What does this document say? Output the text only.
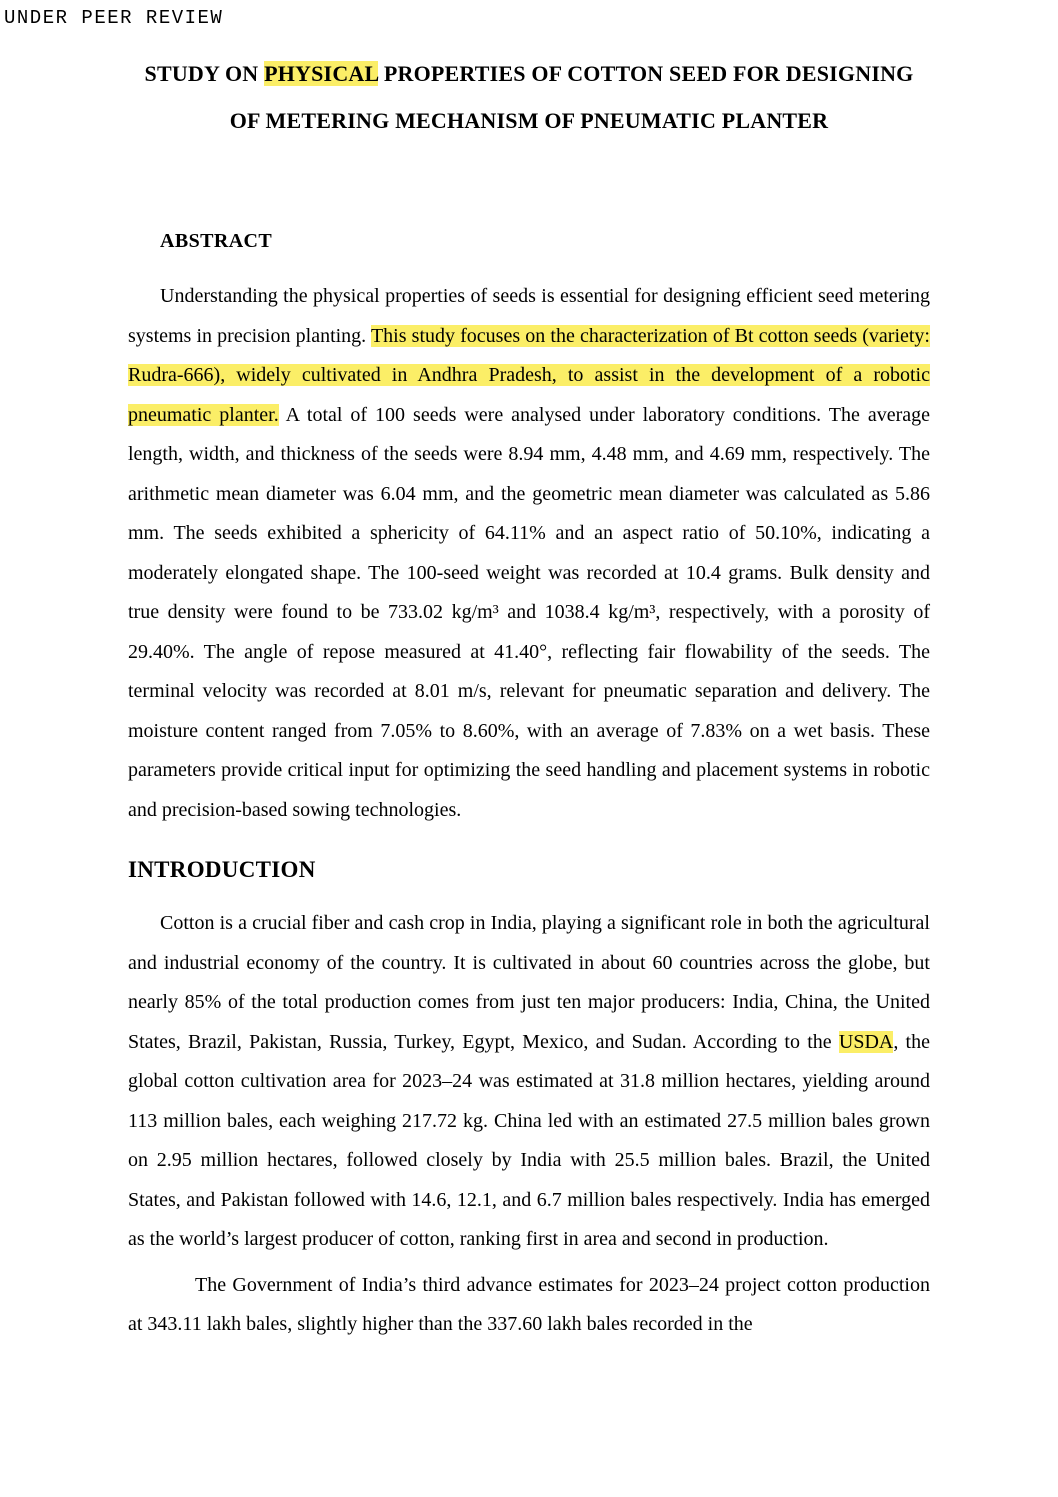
UNDER PEER REVIEW
STUDY ON PHYSICAL PROPERTIES OF COTTON SEED FOR DESIGNING OF METERING MECHANISM OF PNEUMATIC PLANTER
ABSTRACT

Understanding the physical properties of seeds is essential for designing efficient seed metering systems in precision planting. This study focuses on the characterization of Bt cotton seeds (variety: Rudra-666), widely cultivated in Andhra Pradesh, to assist in the development of a robotic pneumatic planter. A total of 100 seeds were analysed under laboratory conditions. The average length, width, and thickness of the seeds were 8.94 mm, 4.48 mm, and 4.69 mm, respectively. The arithmetic mean diameter was 6.04 mm, and the geometric mean diameter was calculated as 5.86 mm. The seeds exhibited a sphericity of 64.11% and an aspect ratio of 50.10%, indicating a moderately elongated shape. The 100-seed weight was recorded at 10.4 grams. Bulk density and true density were found to be 733.02 kg/m³ and 1038.4 kg/m³, respectively, with a porosity of 29.40%. The angle of repose measured at 41.40°, reflecting fair flowability of the seeds. The terminal velocity was recorded at 8.01 m/s, relevant for pneumatic separation and delivery. The moisture content ranged from 7.05% to 8.60%, with an average of 7.83% on a wet basis. These parameters provide critical input for optimizing the seed handling and placement systems in robotic and precision-based sowing technologies.

INTRODUCTION

Cotton is a crucial fiber and cash crop in India, playing a significant role in both the agricultural and industrial economy of the country. It is cultivated in about 60 countries across the globe, but nearly 85% of the total production comes from just ten major producers: India, China, the United States, Brazil, Pakistan, Russia, Turkey, Egypt, Mexico, and Sudan. According to the USDA, the global cotton cultivation area for 2023–24 was estimated at 31.8 million hectares, yielding around 113 million bales, each weighing 217.72 kg. China led with an estimated 27.5 million bales grown on 2.95 million hectares, followed closely by India with 25.5 million bales. Brazil, the United States, and Pakistan followed with 14.6, 12.1, and 6.7 million bales respectively. India has emerged as the world’s largest producer of cotton, ranking first in area and second in production.

The Government of India’s third advance estimates for 2023–24 project cotton production at 343.11 lakh bales, slightly higher than the 337.60 lakh bales recorded in the
